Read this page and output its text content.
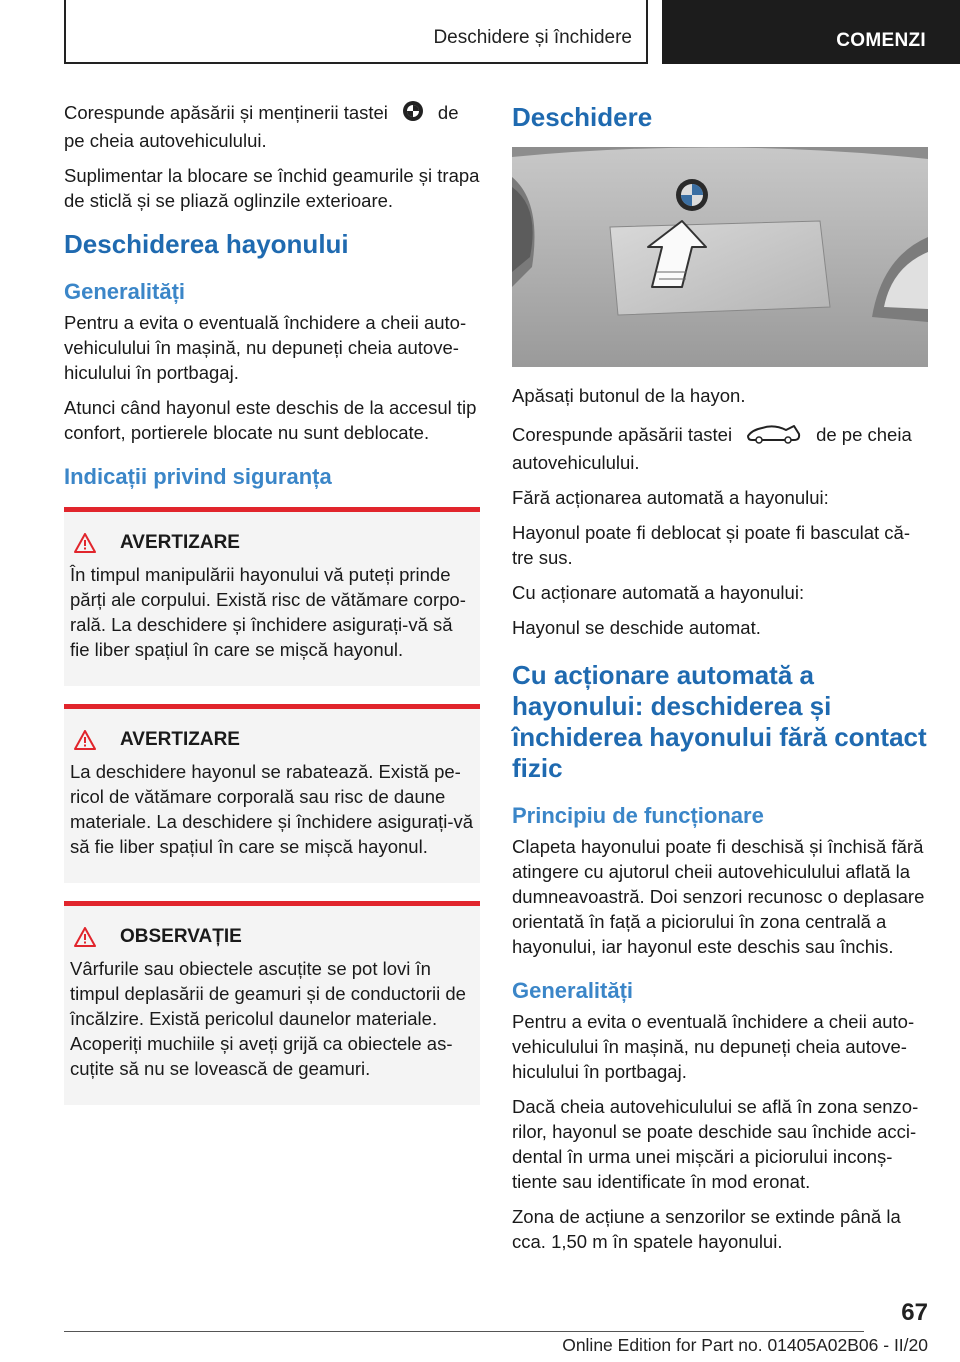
Deschidere și închidere	COMENZI

Corespunde apăsării și menținerii tastei	de
pe cheia autovehiculului.

Suplimentar la blocare se închid geamurile și trapa de sticlă și se pliază oglinzile exterioare.

Deschiderea hayonului
Generalități

Pentru a evita o eventuală închidere a cheii auto-vehiculului în mașină, nu depuneți cheia autove-hiculului în portbagaj.

Atunci când hayonul este deschis de la accesul tip confort, portierele blocate nu sunt deblocate.

Indicații privind siguranța
AVERTIZARE

În timpul manipulării hayonului vă puteți prinde părți ale corpului. Există risc de vătămare corpo-rală. La deschidere și închidere asigurați-vă să fie liber spațiul în care se mișcă hayonul.

AVERTIZARE

La deschidere hayonul se rabatează. Există pe-ricol de vătămare corporală sau risc de daune materiale. La deschidere și închidere asigurați-vă să fie liber spațiul în care se mișcă hayonul.

OBSERVAȚIE

Vârfurile sau obiectele ascuțite se pot lovi în timpul deplasării de geamuri și de conductorii de încălzire. Există pericolul daunelor materiale. Acoperiți muchiile și aveți grijă ca obiectele as-cuțite să nu se lovească de geamuri.

Deschidere

Apăsați butonul de la hayon.

Corespunde apăsării tastei	de pe cheia
autovehiculului.

Fără acționarea automată a hayonului:

Hayonul poate fi deblocat și poate fi basculat că-tre sus.

Cu acționare automată a hayonului:

Hayonul se deschide automat.

Cu acționare automată a hayonului: deschiderea și închiderea hayonului fără contact fizic
Principiu de funcționare

Clapeta hayonului poate fi deschisă și închisă fără atingere cu ajutorul cheii autovehiculului aflată la dumneavoastră. Doi senzori recunosc o deplasare orientată în față a piciorului în zona centrală a hayonului, iar hayonul este deschis sau închis.

Generalități

Pentru a evita o eventuală închidere a cheii auto-vehiculului în mașină, nu depuneți cheia autove-hiculului în portbagaj.

Dacă cheia autovehiculului se află în zona senzo-rilor, hayonul se poate deschide sau închide acci-dental în urma unei mișcări a piciorului inconș-tiente sau identificate în mod eronat.

Zona de acțiune a senzorilor se extinde până la cca. 1,50 m în spatele hayonului.

67
Online Edition for Part no. 01405A02B06 - II/20
